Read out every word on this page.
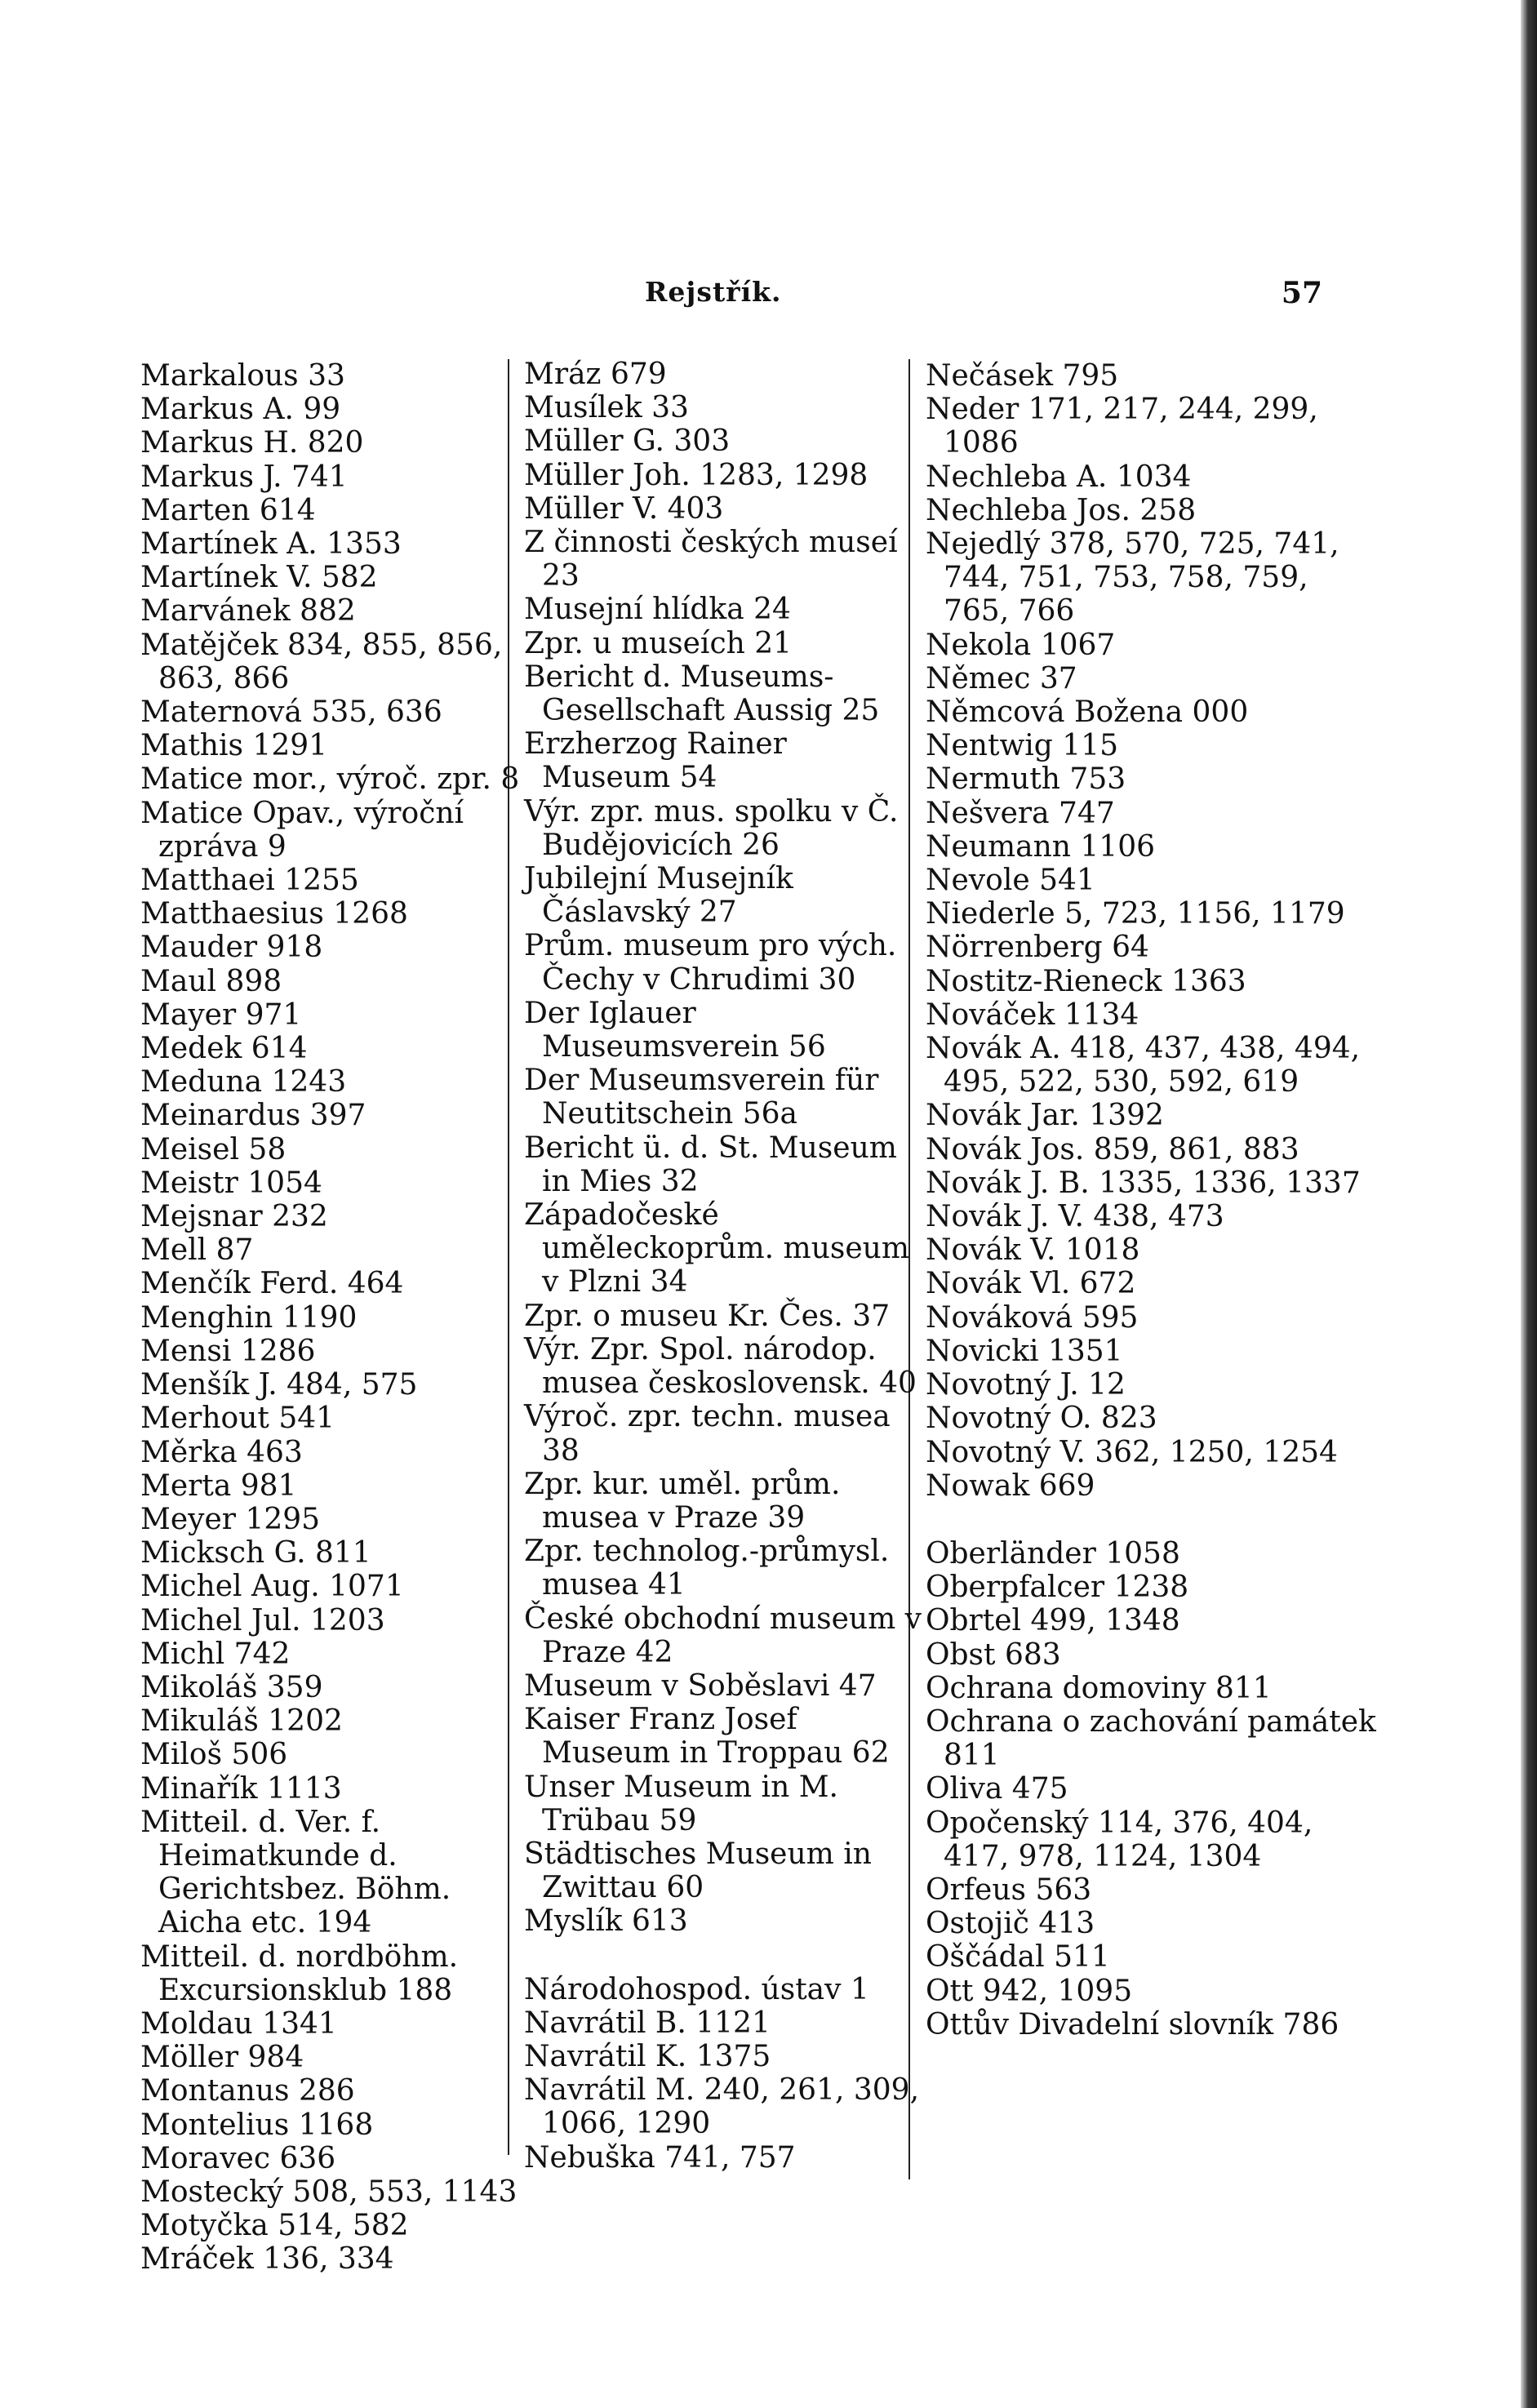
Rejstřík.	57
Markalous 33
Markus A. 99
Markus H. 820
Markus J. 741
Marten 614
Martínek A. 1353
Martínek V. 582
Marvánek 882
Matějček 834, 855, 856, 863, 866
Maternová 535, 636
Mathis 1291
Matice mor., výroč. zpr. 8
Matice Opav., výroční zpráva 9
Matthaei 1255
Matthaesius 1268
Mauder 918
Maul 898
Mayer 971
Medek 614
Meduna 1243
Meinardus 397
Meisel 58
Meistr 1054
Mejsnar 232
Mell 87
Menčík Ferd. 464
Menghin 1190
Mensi 1286
Menšík J. 484, 575
Merhout 541
Měrka 463
Merta 981
Meyer 1295
Micksch G. 811
Michel Aug. 1071
Michel Jul. 1203
Michl 742
Mikoláš 359
Mikuláš 1202
Miloš 506
Minařík 1113
Mitteil. d. Ver. f. Heimatkunde d. Gerichtsbez. Böhm. Aicha etc. 194
Mitteil. d. nordböhm. Excursionsklub 188
Moldau 1341
Möller 984
Montanus 286
Montelius 1168
Moravec 636
Mostecký 508, 553, 1143
Motyčka 514, 582
Mráček 136, 334
Mráz 679
Musílek 33
Müller G. 303
Müller Joh. 1283, 1298
Müller V. 403
Z činnosti českých museí 23
Musejní hlídka 24
Zpr. u museích 21
Bericht d. Museums-Gesellschaft Aussig 25
Erzherzog Rainer Museum 54
Výr. zpr. mus. spolku v Č. Budějovicích 26
Jubilejní Musejník Čáslavský 27
Prům. museum pro vých. Čechy v Chrudimi 30
Der Iglauer Museumsverein 56
Der Museumsverein für Neutitschein 56a
Bericht ü. d. St. Museum in Mies 32
Západočeské uměleckoprům. museum v Plzni 34
Zpr. o museu Kr. Čes. 37
Výr. Zpr. Spol. národop. musea československ. 40
Výroč. zpr. techn. musea 38
Zpr. kur. uměl. prům. musea v Praze 39
Zpr. technolog.-průmysl. musea 41
České obchodní museum v Praze 42
Museum v Soběslavi 47
Kaiser Franz Josef Museum in Troppau 62
Unser Museum in M. Trübau 59
Städtisches Museum in Zwittau 60
Myslík 613
Národohospod. ústav 1
Navrátil B. 1121
Navrátil K. 1375
Navrátil M. 240, 261, 309, 1066, 1290
Nebuška 741, 757
Nečásek 795
Neder 171, 217, 244, 299, 1086
Nechleba A. 1034
Nechleba Jos. 258
Nejedlý 378, 570, 725, 741, 744, 751, 753, 758, 759, 765, 766
Nekola 1067
Němec 37
Němcová Božena 000
Nentwig 115
Nermuth 753
Nešvera 747
Neumann 1106
Nevole 541
Niederle 5, 723, 1156, 1179
Nörrenberg 64
Nostitz-Rieneck 1363
Nováček 1134
Novák A. 418, 437, 438, 494, 495, 522, 530, 592, 619
Novák Jar. 1392
Novák Jos. 859, 861, 883
Novák J. B. 1335, 1336, 1337
Novák J. V. 438, 473
Novák V. 1018
Novák Vl. 672
Nováková 595
Novicki 1351
Novotný J. 12
Novotný O. 823
Novotný V. 362, 1250, 1254
Nowak 669
Oberländer 1058
Oberpfalcer 1238
Obrtel 499, 1348
Obst 683
Ochrana domoviny 811
Ochrana o zachování památek 811
Oliva 475
Opočenský 114, 376, 404, 417, 978, 1124, 1304
Orfeus 563
Ostojič 413
Oščádal 511
Ott 942, 1095
Ottův Divadelní slovník 786
